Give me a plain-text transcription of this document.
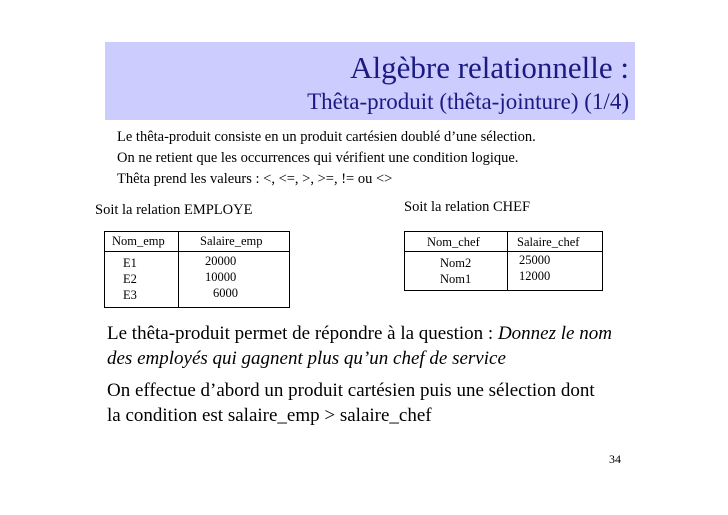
Algèbre relationnelle :
Thêta-produit (thêta-jointure) (1/4)
Le thêta-produit consiste en un produit cartésien doublé d’une sélection.
On ne retient que les occurrences qui vérifient une condition logique.
Thêta prend les valeurs : <, <=, >, >=, != ou <>
Soit la relation EMPLOYE
Nom_emp	Salaire_emp
E1
E2
E3
20000
10000
6000
Soit la relation CHEF
Nom_chef	Salaire_chef
Nom2
Nom1
25000
12000
Le thêta-produit permet de répondre à la question : Donnez le nom
des employés qui gagnent plus qu’un chef de service
On effectue d’abord un produit cartésien puis une sélection dont
la condition est salaire_emp > salaire_chef
34
